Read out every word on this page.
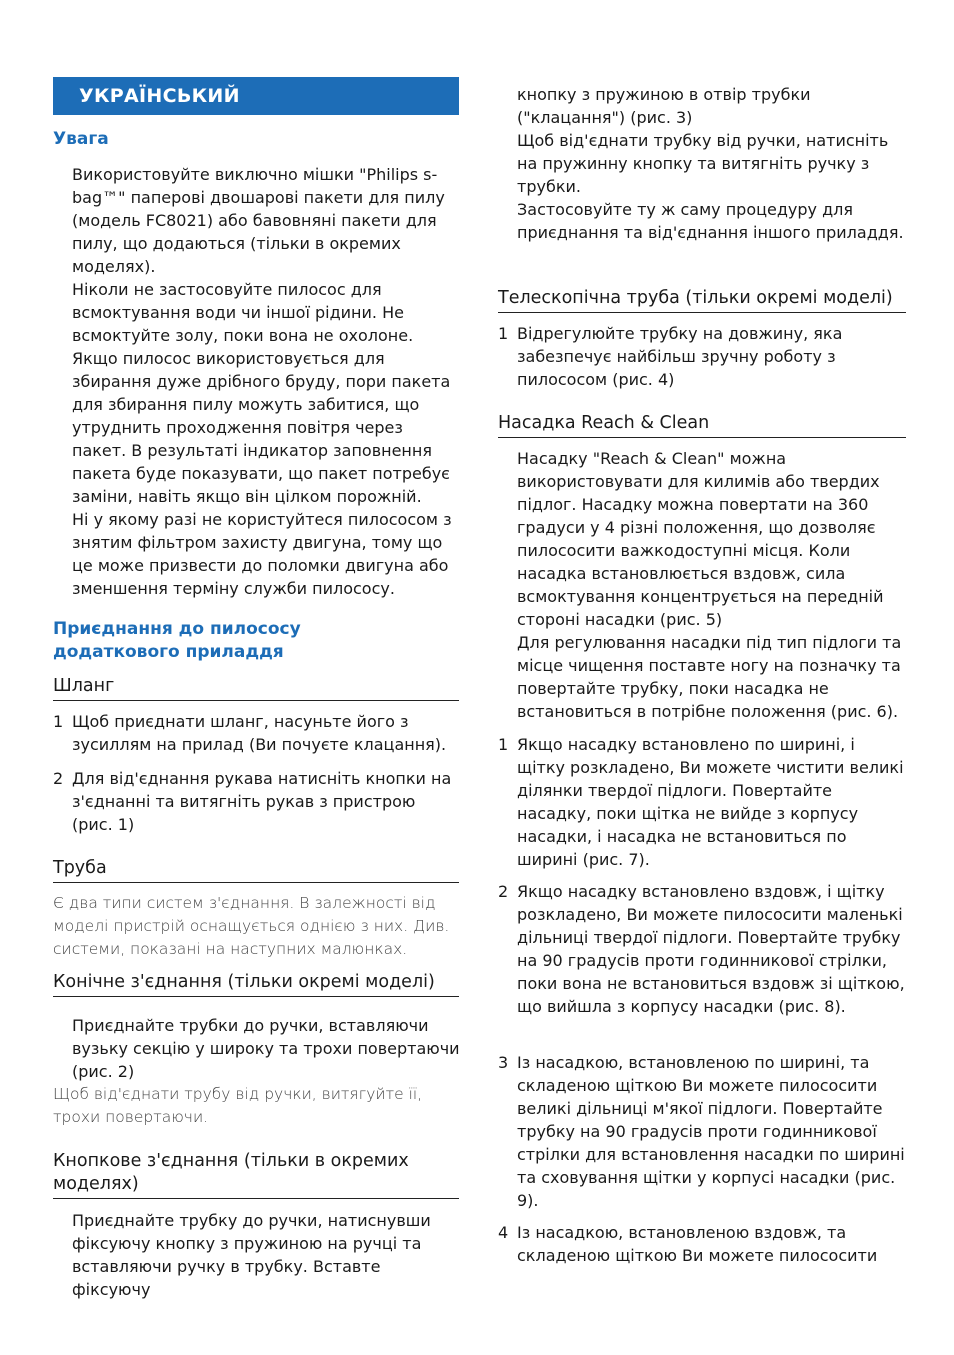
УКРАЇНСЬКИЙ
Увага

Використовуйте виключно мішки "Philips s-bag™" паперові двошарові пакети для пилу (модель FC8021) або бавовняні пакети для пилу, що додаються (тільки в окремих моделях).

Ніколи не застосовуйте пилосос для всмоктування води чи іншої рідини. Не всмоктуйте золу, поки вона не охолоне.

Якщо пилосос використовується для збирання дуже дрібного бруду, пори пакета для збирання пилу можуть забитися, що утруднить проходження повітря через пакет. В результаті індикатор заповнення пакета буде показувати, що пакет потребує заміни, навіть якщо він цілком порожній.

Ні у якому разі не користуйтеся пилососом з знятим фільтром захисту двигуна, тому що це може призвести до поломки двигуна або зменшення терміну служби пилососу.

Приєднання до пилососу додаткового приладдя
Шланг
1 Щоб приєднати шланг, насуньте його з зусиллям на прилад (Ви почуєте клацання).
2 Для від'єднання рукава натисніть кнопки на з'єднанні та витягніть рукав з пристрою (рис. 1)
Труба
Є два типи систем з'єднання. В залежності від моделі пристрій оснащується однією з них. Див. системи, показані на наступних малюнках.
Конічне з'єднання (тільки окремі моделі)
Приєднайте трубки до ручки, вставляючи вузьку секцію у широку та трохи повертаючи (рис. 2)
Щоб від'єднати трубу від ручки, витягуйте її, трохи повертаючи.
Кнопкове з'єднання (тільки в окремих моделях)
Приєднайте трубку до ручки, натиснувши фіксуючу кнопку з пружиною на ручці та вставляючи ручку в трубку. Вставте фіксуючу

кнопку з пружиною в отвір трубки ("клацання") (рис. 3)

Щоб від'єднати трубку від ручки, натисніть на пружинну кнопку та витягніть ручку з трубки.

Застосовуйте ту ж саму процедуру для приєднання та від'єднання іншого приладдя.

Телескопічна труба (тільки окремі моделі)
1 Відрегулюйте трубку на довжину, яка забезпечує найбільш зручну роботу з пилососом (рис. 4)
Насадка Reach & Clean

Насадку "Reach & Clean" можна використовувати для килимів або твердих підлог. Насадку можна повертати на 360 градуси у 4 різні положення, що дозволяє пилососити важкодоступні місця. Коли насадка встановлюється вздовж, сила всмоктування концентрується на передній стороні насадки (рис. 5)

Для регулювання насадки під тип підлоги та місце чищення поставте ногу на позначку та повертайте трубку, поки насадка не встановиться в потрібне положення (рис. 6).

1 Якщо насадку встановлено по ширині, і щітку розкладено, Ви можете чистити великі ділянки твердої підлоги. Повертайте насадку, поки щітка не вийде з корпусу насадки, і насадка не встановиться по ширині (рис. 7).
2 Якщо насадку встановлено вздовж, і щітку розкладено, Ви можете пилососити маленькі дільниці твердої підлоги. Повертайте трубку на 90 градусів проти годинникової стрілки, поки вона не встановиться вздовж зі щіткою, що вийшла з корпусу насадки (рис. 8).
3 Із насадкою, встановленою по ширині, та складеною щіткою Ви можете пилососити великі дільниці м'якої підлоги. Повертайте трубку на 90 градусів проти годинникової стрілки для встановлення насадки по ширині та сховування щітки у корпусі насадки (рис. 9).
4 Із насадкою, встановленою вздовж, та складеною щіткою Ви можете пилососити
